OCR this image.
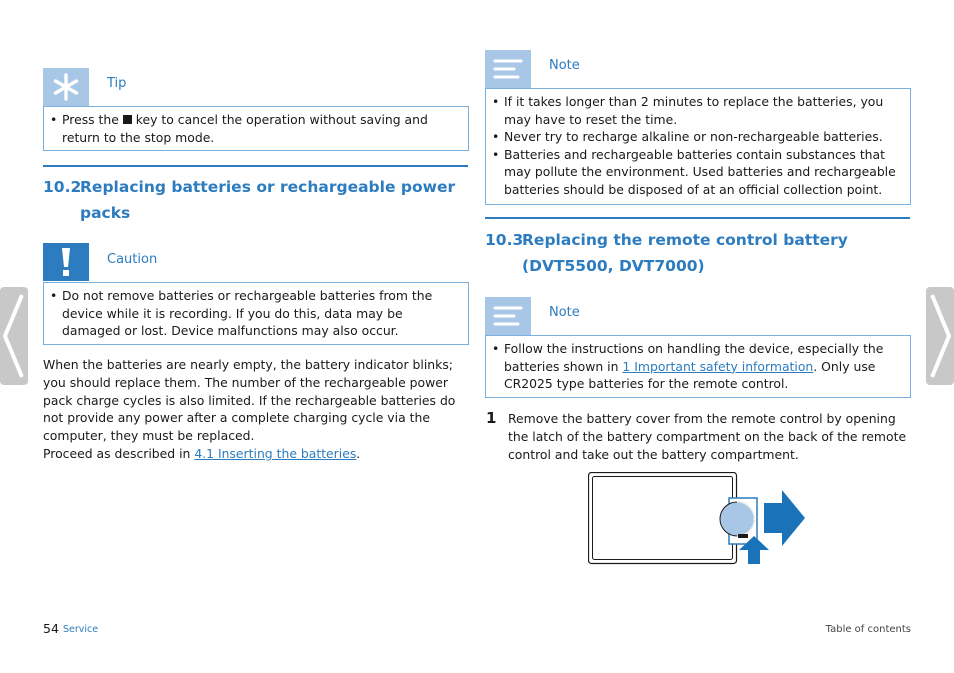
Tip
• Press the  key to cancel the operation without saving and return to the stop mode.
10.2
Replacing batteries or rechargeable power packs
Caution
• Do not remove batteries or rechargeable batteries from the device while it is recording. If you do this, data may be damaged or lost. Device malfunctions may also occur.
When the batteries are nearly empty, the battery indicator blinks; you should replace them. The number of the rechargeable power pack charge cycles is also limited. If the rechargeable batteries do not provide any power after a complete charging cycle via the computer, they must be replaced.
Proceed as described in 4.1 Inserting the batteries.
Note
• If it takes longer than 2 minutes to replace the batteries, you may have to reset the time.
• Never try to recharge alkaline or non-rechargeable batteries.
• Batteries and rechargeable batteries contain substances that may pollute the environment. Used batteries and rechargeable batteries should be disposed of at an official collection point.
10.3
Replacing the remote control battery (DVT5500, DVT7000)
Note
• Follow the instructions on handling the device, especially the batteries shown in 1 Important safety information. Only use CR2025 type batteries for the remote control.
1 Remove the battery cover from the remote control by opening the latch of the battery compartment on the back of the remote control and take out the battery compartment.
54 Service	Table of contents
